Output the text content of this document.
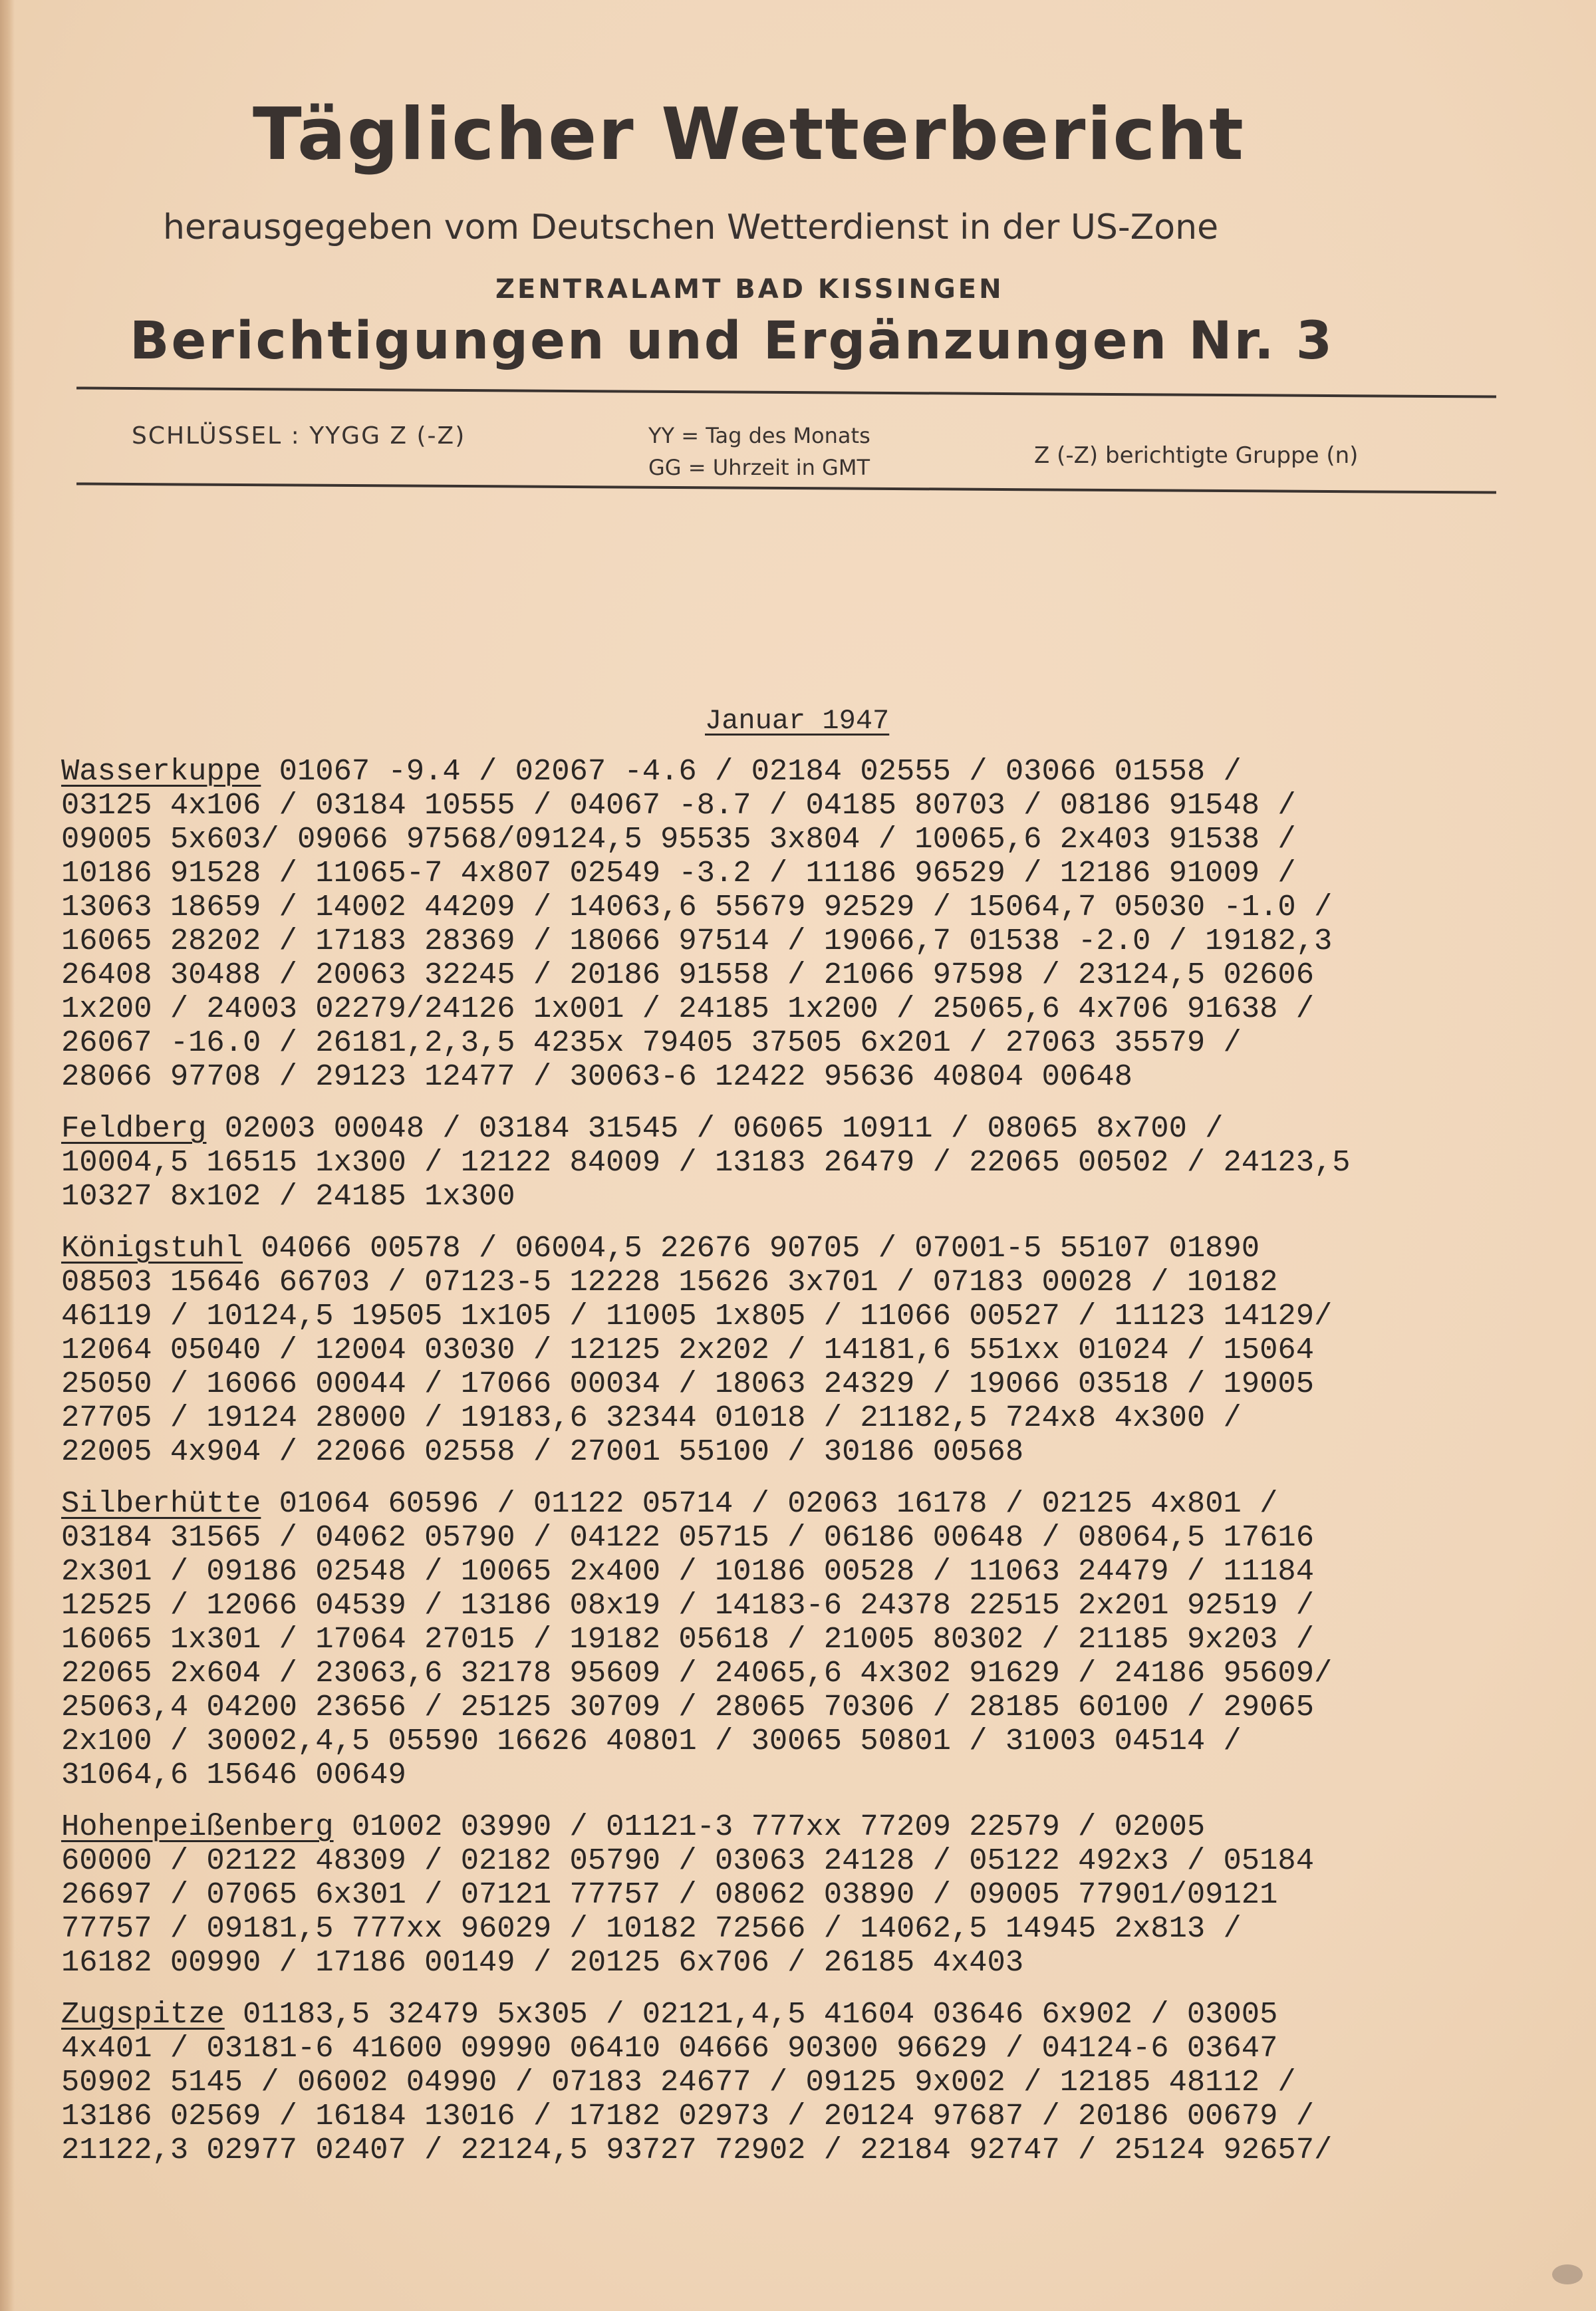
Täglicher Wetterbericht
herausgegeben vom Deutschen Wetterdienst in der US-Zone
ZENTRALAMT BAD KISSINGEN
Berichtigungen und Ergänzungen Nr. 3
SCHLÜSSEL : YYGG Z (-Z)	YY = Tag des Monats
GG = Uhrzeit in GMT	Z (-Z) berichtigte Gruppe (n)
Januar 1947
Wasserkuppe 01067 -9.4 / 02067 -4.6 / 02184 02555 / 03066 01558 /
03125 4x106 / 03184 10555 / 04067 -8.7 / 04185 80703 / 08186 91548 /
09005 5x603/ 09066 97568/09124,5 95535 3x804 / 10065,6 2x403 91538 /
10186 91528 / 11065-7 4x807 02549 -3.2 / 11186 96529 / 12186 91009 /
13063 18659 / 14002 44209 / 14063,6 55679 92529 / 15064,7 05030 -1.0 /
16065 28202 / 17183 28369 / 18066 97514 / 19066,7 01538 -2.0 / 19182,3
26408 30488 / 20063 32245 / 20186 91558 / 21066 97598 / 23124,5 02606
1x200 / 24003 02279/24126 1x001 / 24185 1x200 / 25065,6 4x706 91638 /
26067 -16.0 / 26181,2,3,5 4235x 79405 37505 6x201 / 27063 35579 /
28066 97708 / 29123 12477 / 30063-6 12422 95636 40804 00648
Feldberg 02003 00048 / 03184 31545 / 06065 10911 / 08065 8x700 /
10004,5 16515 1x300 / 12122 84009 / 13183 26479 / 22065 00502 / 24123,5
10327 8x102 / 24185 1x300
Königstuhl 04066 00578 / 06004,5 22676 90705 / 07001-5 55107 01890
08503 15646 66703 / 07123-5 12228 15626 3x701 / 07183 00028 / 10182
46119 / 10124,5 19505 1x105 / 11005 1x805 / 11066 00527 / 11123 14129/
12064 05040 / 12004 03030 / 12125 2x202 / 14181,6 551xx 01024 / 15064
25050 / 16066 00044 / 17066 00034 / 18063 24329 / 19066 03518 / 19005
27705 / 19124 28000 / 19183,6 32344 01018 / 21182,5 724x8 4x300 /
22005 4x904 / 22066 02558 / 27001 55100 / 30186 00568
Silberhütte 01064 60596 / 01122 05714 / 02063 16178 / 02125 4x801 /
03184 31565 / 04062 05790 / 04122 05715 / 06186 00648 / 08064,5 17616
2x301 / 09186 02548 / 10065 2x400 / 10186 00528 / 11063 24479 / 11184
12525 / 12066 04539 / 13186 08x19 / 14183-6 24378 22515 2x201 92519 /
16065 1x301 / 17064 27015 / 19182 05618 / 21005 80302 / 21185 9x203 /
22065 2x604 / 23063,6 32178 95609 / 24065,6 4x302 91629 / 24186 95609/
25063,4 04200 23656 / 25125 30709 / 28065 70306 / 28185 60100 / 29065
2x100 / 30002,4,5 05590 16626 40801 / 30065 50801 / 31003 04514 /
31064,6 15646 00649
Hohenpeißenberg 01002 03990 / 01121-3 777xx 77209 22579 / 02005
60000 / 02122 48309 / 02182 05790 / 03063 24128 / 05122 492x3 / 05184
26697 / 07065 6x301 / 07121 77757 / 08062 03890 / 09005 77901/09121
77757 / 09181,5 777xx 96029 / 10182 72566 / 14062,5 14945 2x813 /
16182 00990 / 17186 00149 / 20125 6x706 / 26185 4x403
Zugspitze 01183,5 32479 5x305 / 02121,4,5 41604 03646 6x902 / 03005
4x401 / 03181-6 41600 09990 06410 04666 90300 96629 / 04124-6 03647
50902 5145 / 06002 04990 / 07183 24677 / 09125 9x002 / 12185 48112 /
13186 02569 / 16184 13016 / 17182 02973 / 20124 97687 / 20186 00679 /
21122,3 02977 02407 / 22124,5 93727 72902 / 22184 92747 / 25124 92657/
